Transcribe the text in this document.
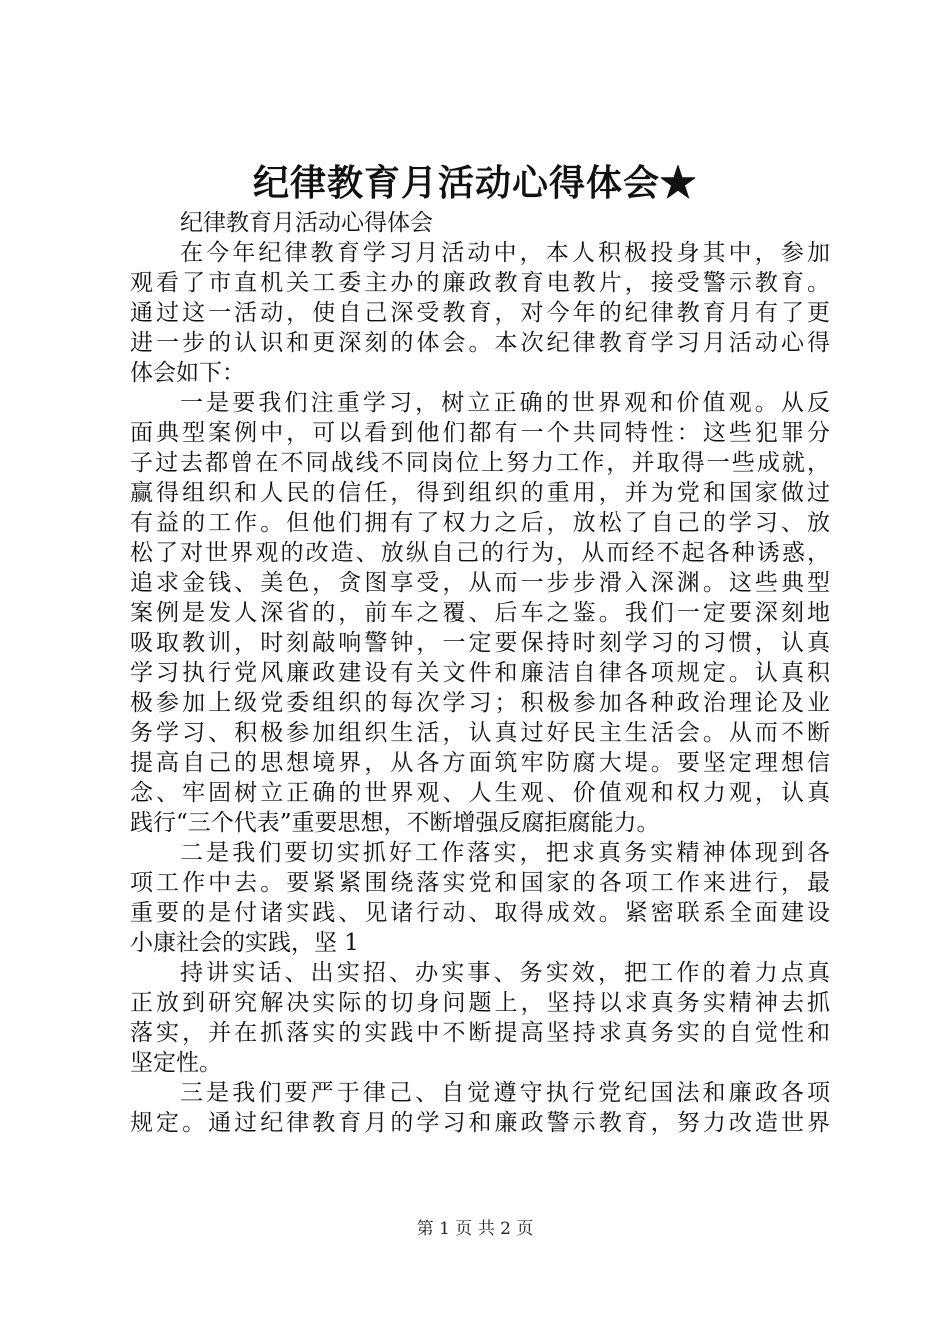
纪律教育月活动心得体会★
纪律教育月活动心得体会
在今年纪律教育学习月活动中，本人积极投身其中，参加
观看了市直机关工委主办的廉政教育电教片，接受警示教育。
通过这一活动，使自己深受教育，对今年的纪律教育月有了更
进一步的认识和更深刻的体会。本次纪律教育学习月活动心得
体会如下：
一是要我们注重学习，树立正确的世界观和价值观。从反
面典型案例中，可以看到他们都有一个共同特性：这些犯罪分
子过去都曾在不同战线不同岗位上努力工作，并取得一些成就，
赢得组织和人民的信任，得到组织的重用，并为党和国家做过
有益的工作。但他们拥有了权力之后，放松了自己的学习、放
松了对世界观的改造、放纵自己的行为，从而经不起各种诱惑，
追求金钱、美色，贪图享受，从而一步步滑入深渊。这些典型
案例是发人深省的，前车之覆、后车之鉴。我们一定要深刻地
吸取教训，时刻敲响警钟，一定要保持时刻学习的习惯，认真
学习执行党风廉政建设有关文件和廉洁自律各项规定。认真积
极参加上级党委组织的每次学习；积极参加各种政治理论及业
务学习、积极参加组织生活，认真过好民主生活会。从而不断
提高自己的思想境界，从各方面筑牢防腐大堤。要坚定理想信
念、牢固树立正确的世界观、人生观、价值观和权力观，认真
践行“三个代表”重要思想，不断增强反腐拒腐能力。
二是我们要切实抓好工作落实，把求真务实精神体现到各
项工作中去。要紧紧围绕落实党和国家的各项工作来进行，最
重要的是付诸实践、见诸行动、取得成效。紧密联系全面建设
小康社会的实践，坚 1
持讲实话、出实招、办实事、务实效，把工作的着力点真
正放到研究解决实际的切身问题上，坚持以求真务实精神去抓
落实，并在抓落实的实践中不断提高坚持求真务实的自觉性和
坚定性。
三是我们要严于律己、自觉遵守执行党纪国法和廉政各项
规定。通过纪律教育月的学习和廉政警示教育，努力改造世界
第 1 页 共 2 页
